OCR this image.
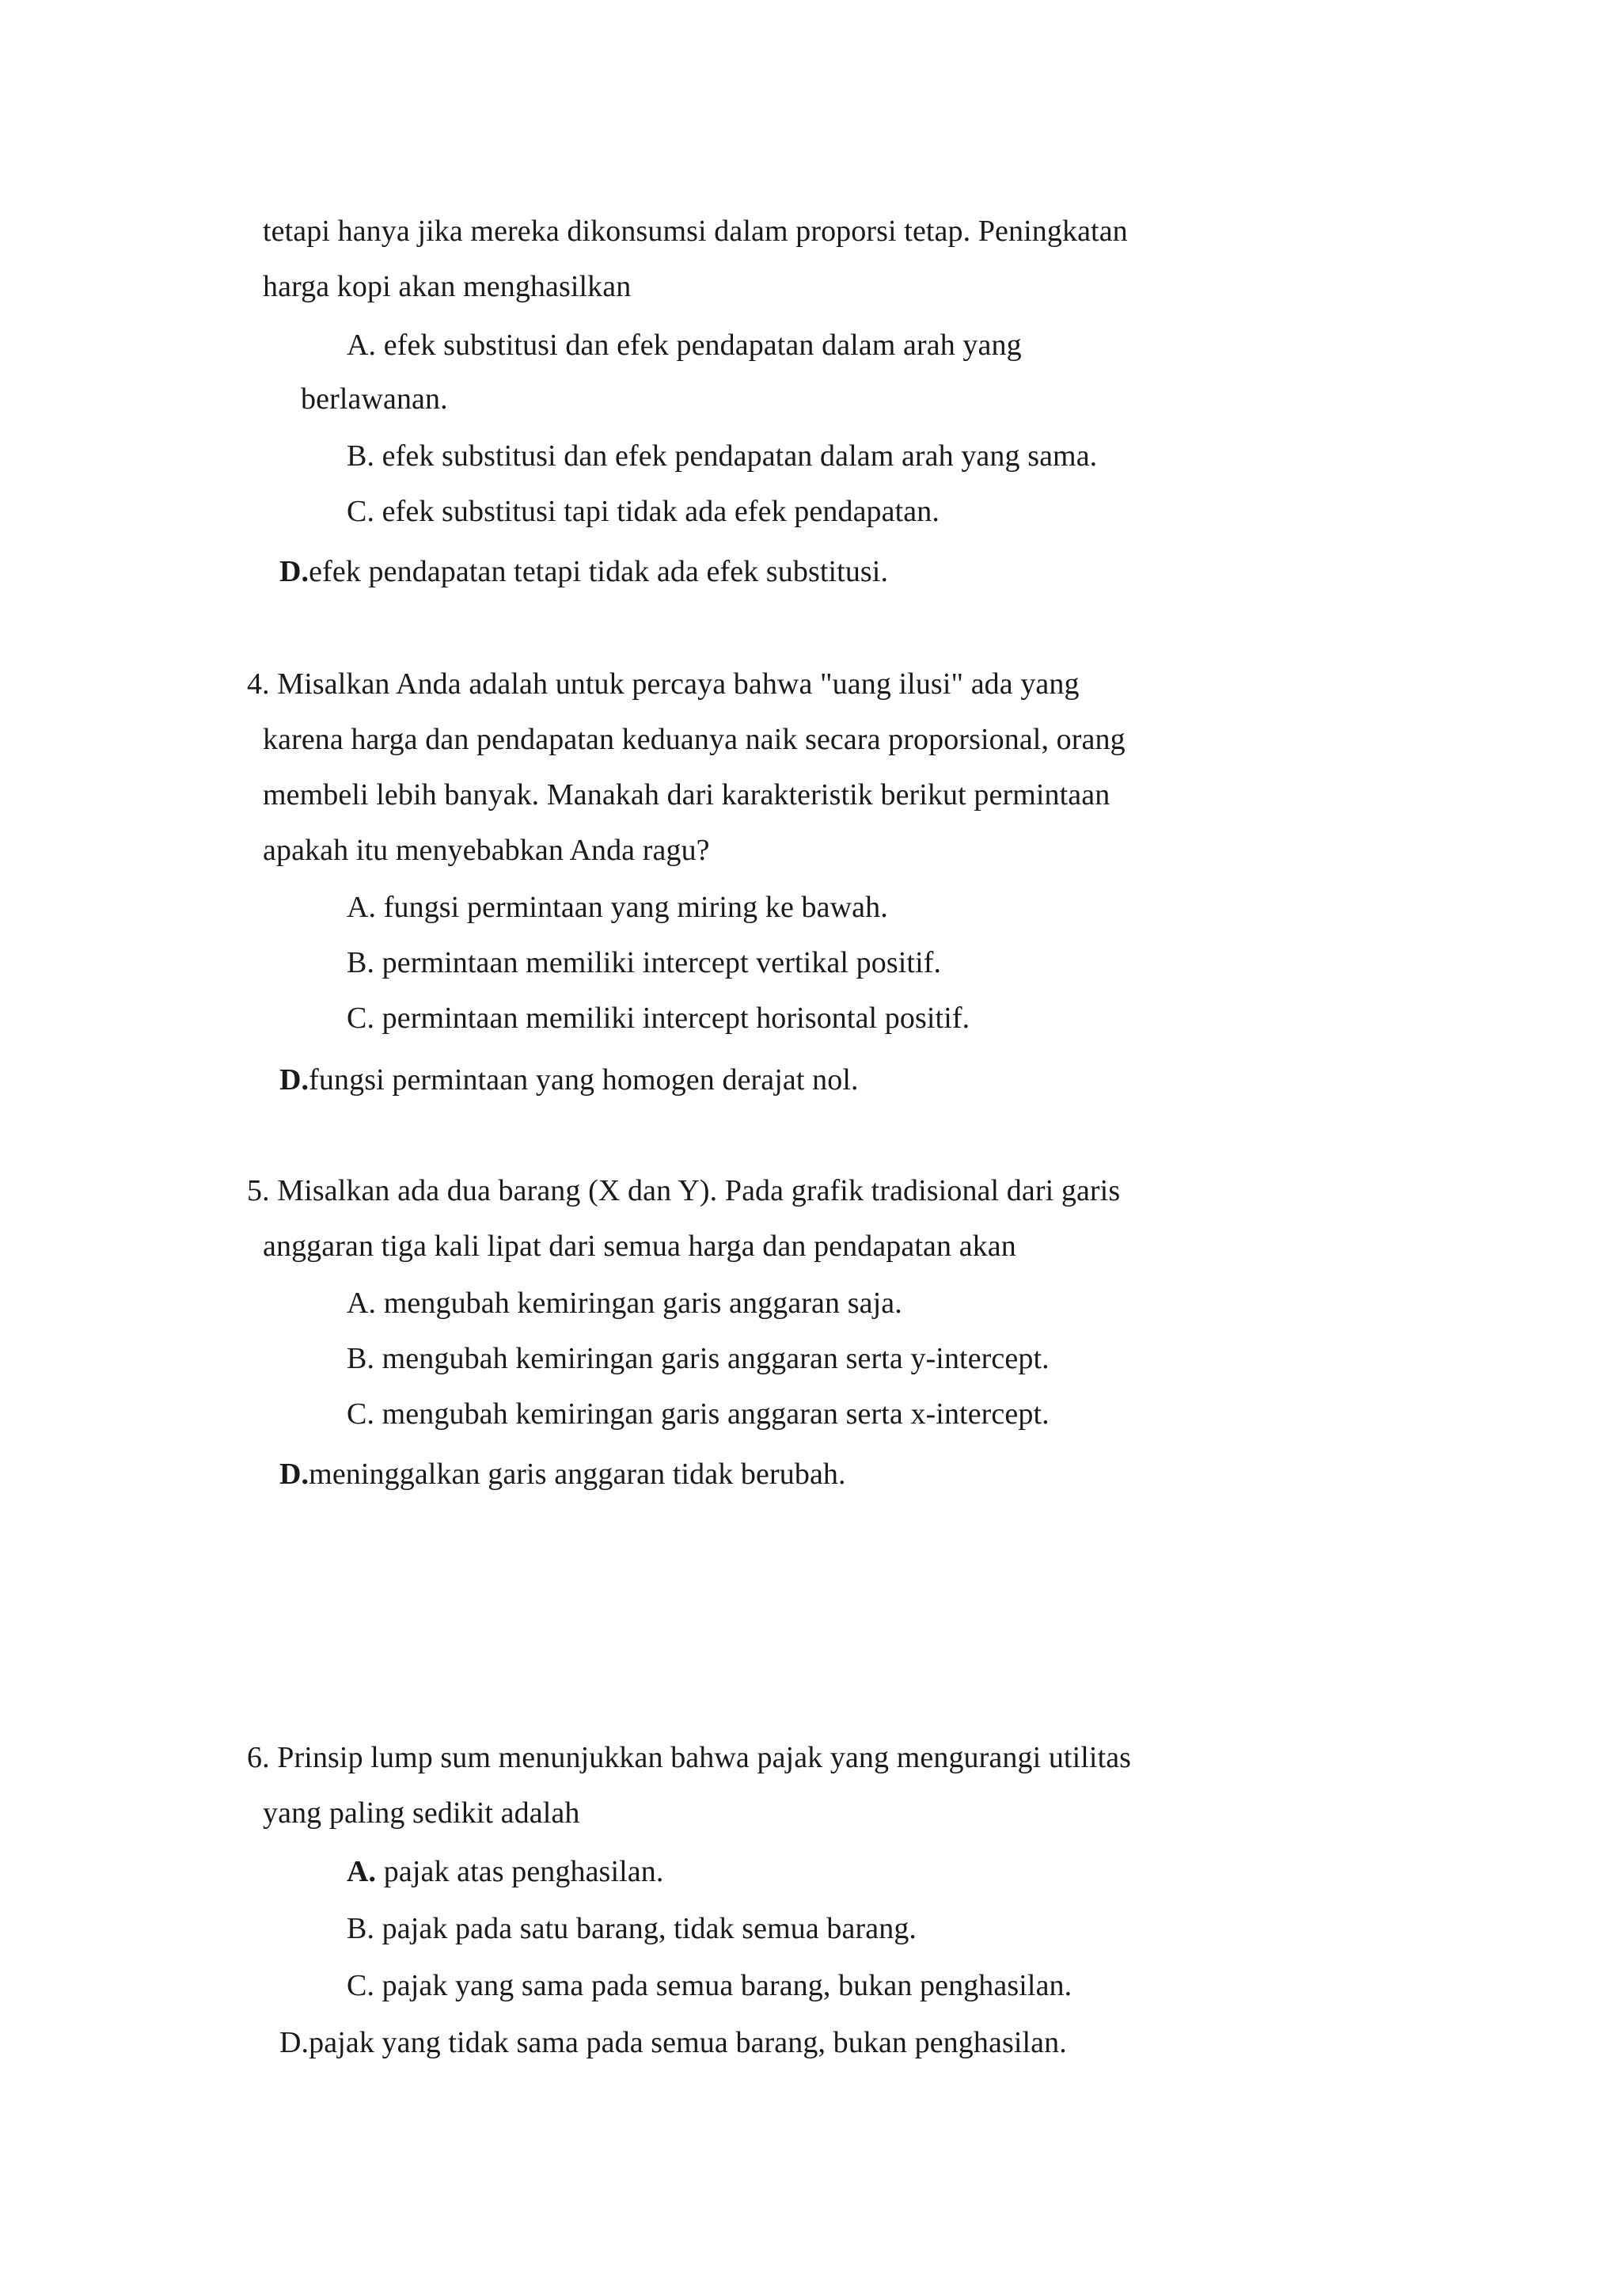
tetapi hanya jika mereka dikonsumsi dalam proporsi tetap. Peningkatan
harga kopi akan menghasilkan
A. efek substitusi dan efek pendapatan dalam arah yang
berlawanan.
B. efek substitusi dan efek pendapatan dalam arah yang sama.
C. efek substitusi tapi tidak ada efek pendapatan.
D.efek pendapatan tetapi tidak ada efek substitusi.
4. Misalkan Anda adalah untuk percaya bahwa "uang ilusi" ada yang
karena harga dan pendapatan keduanya naik secara proporsional, orang
membeli lebih banyak. Manakah dari karakteristik berikut permintaan
apakah itu menyebabkan Anda ragu?
A. fungsi permintaan yang miring ke bawah.
B. permintaan memiliki intercept vertikal positif.
C. permintaan memiliki intercept horisontal positif.
D.fungsi permintaan yang homogen derajat nol.
5. Misalkan ada dua barang (X dan Y). Pada grafik tradisional dari garis
anggaran tiga kali lipat dari semua harga dan pendapatan akan
A. mengubah kemiringan garis anggaran saja.
B. mengubah kemiringan garis anggaran serta y-intercept.
C. mengubah kemiringan garis anggaran serta x-intercept.
D.meninggalkan garis anggaran tidak berubah.
6. Prinsip lump sum menunjukkan bahwa pajak yang mengurangi utilitas
yang paling sedikit adalah
A. pajak atas penghasilan.
B. pajak pada satu barang, tidak semua barang.
C. pajak yang sama pada semua barang, bukan penghasilan.
D.pajak yang tidak sama pada semua barang, bukan penghasilan.
